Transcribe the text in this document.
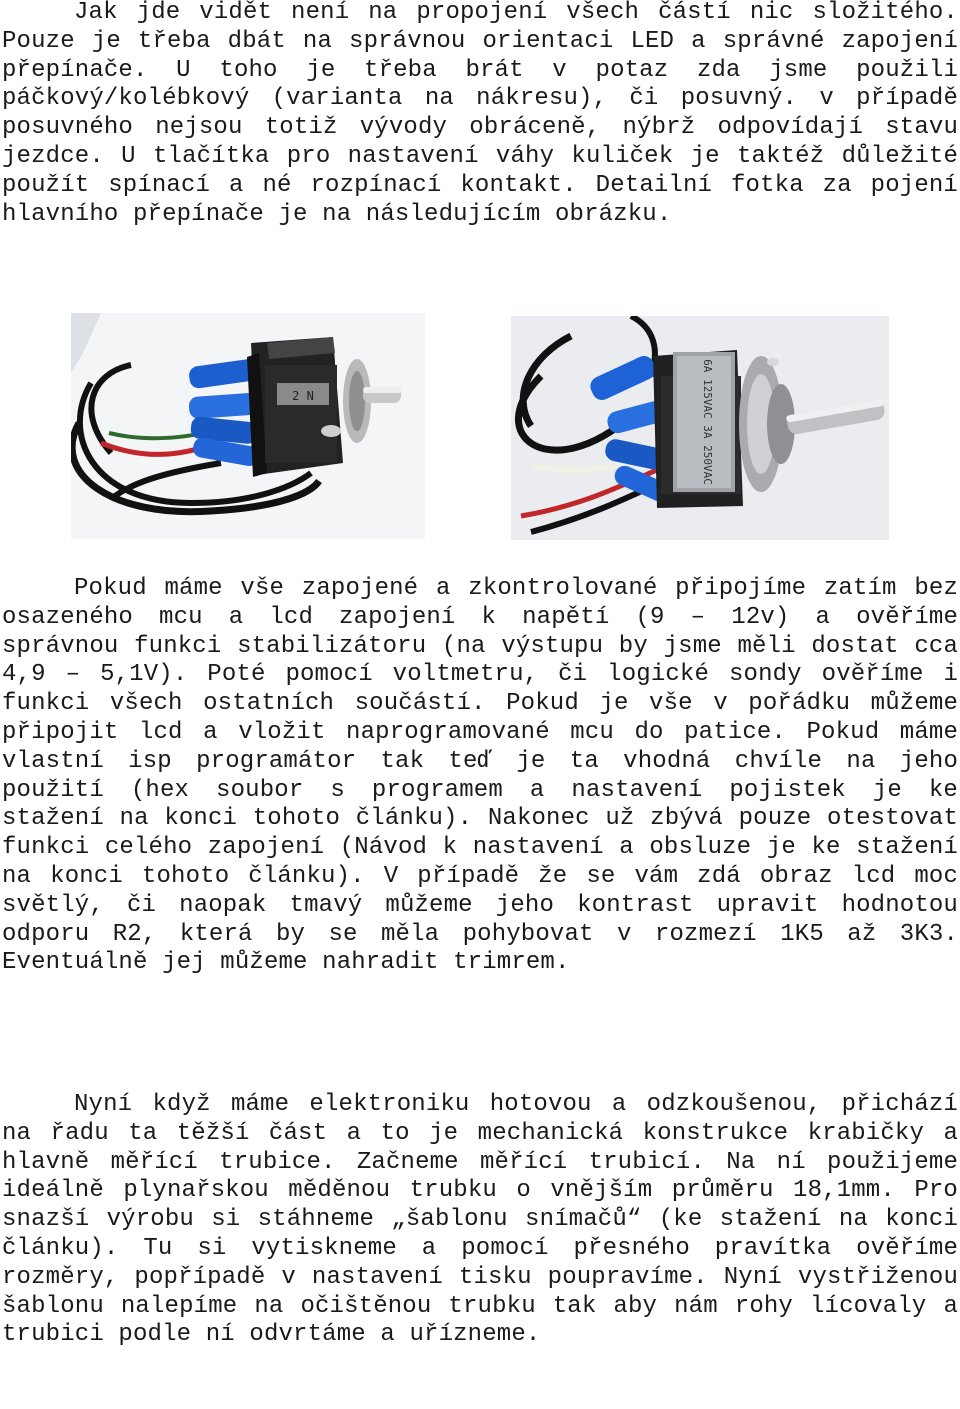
Jak jde vidět není na propojení všech částí nic složitého. Pouze je třeba dbát na správnou orientaci LED a správné zapojení přepínače. U toho je třeba brát v potaz zda jsme použili páčkový/kolébkový (varianta na nákresu), či posuvný. v případě posuvného nejsou totiž vývody obráceně, nýbrž odpovídají stavu jezdce. U tlačítka pro nastavení váhy kuliček je taktéž důležité použít spínací a né rozpínací kontakt. Detailní fotka za pojení hlavního přepínače je na následujícím obrázku.

2 N	6A 125VAC 3A 250VAC

Pokud máme vše zapojené a zkontrolované připojíme zatím bez osazeného mcu a lcd zapojení k napětí (9 – 12v) a ověříme správnou funkci stabilizátoru (na výstupu by jsme měli dostat cca 4,9 – 5,1V). Poté pomocí voltmetru, či logické sondy ověříme i funkci všech ostatních součástí. Pokud je vše v pořádku můžeme připojit lcd a vložit naprogramované mcu do patice. Pokud máme vlastní isp programátor tak teď je ta vhodná chvíle na jeho použití (hex soubor s programem a nastavení pojistek je ke stažení na konci tohoto článku). Nakonec už zbývá pouze otestovat funkci celého zapojení (Návod k nastavení a obsluze je ke stažení na konci tohoto článku). V případě že se vám zdá obraz lcd moc světlý, či naopak tmavý můžeme jeho kontrast upravit hodnotou odporu R2, která by se měla pohybovat v rozmezí 1K5 až 3K3. Eventuálně jej můžeme nahradit trimrem.

Nyní když máme elektroniku hotovou a odzkoušenou, přichází na řadu ta těžší část a to je mechanická konstrukce krabičky a hlavně měřící trubice. Začneme měřící trubicí. Na ní použijeme ideálně plynařskou měděnou trubku o vnějším průměru 18,1mm. Pro snazší výrobu si stáhneme „šablonu snímačů“ (ke stažení na konci článku). Tu si vytiskneme a pomocí přesného pravítka ověříme rozměry, popřípadě v nastavení tisku poupravíme. Nyní vystřiženou šablonu nalepíme na očištěnou trubku tak aby nám rohy lícovaly a trubici podle ní odvrtáme a uřízneme.
